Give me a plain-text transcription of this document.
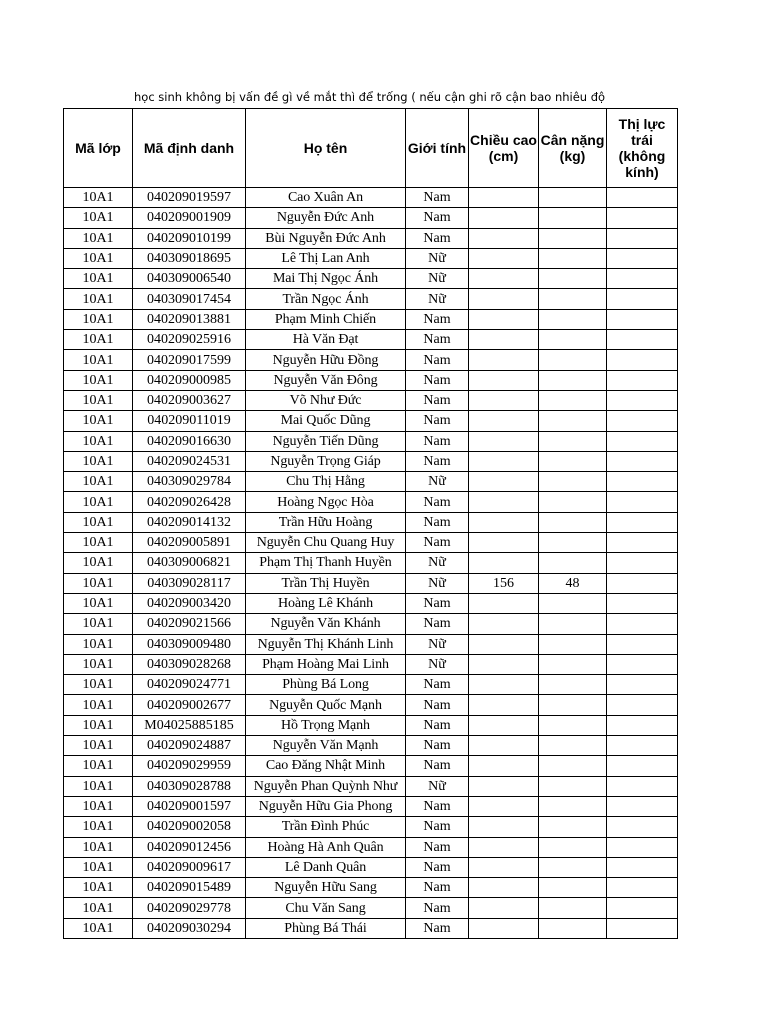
học sinh không bị vấn đề gì về mắt thì để trống ( nếu cận ghi rõ cận bao nhiêu độ
Mã lớp	Mã định danh	Họ tên	Giới tính	Chiều cao (cm)	Cân nặng (kg)	Thị lực trái (không kính)
10A1	040209019597	Cao Xuân An	Nam			
10A1	040209001909	Nguyễn Đức Anh	Nam			
10A1	040209010199	Bùi Nguyễn Đức Anh	Nam			
10A1	040309018695	Lê Thị Lan Anh	Nữ			
10A1	040309006540	Mai Thị Ngọc Ánh	Nữ			
10A1	040309017454	Trần Ngọc Ánh	Nữ			
10A1	040209013881	Phạm Minh Chiến	Nam			
10A1	040209025916	Hà Văn Đạt	Nam			
10A1	040209017599	Nguyễn Hữu Đồng	Nam			
10A1	040209000985	Nguyễn Văn Đông	Nam			
10A1	040209003627	Võ Như Đức	Nam			
10A1	040209011019	Mai Quốc Dũng	Nam			
10A1	040209016630	Nguyễn Tiến Dũng	Nam			
10A1	040209024531	Nguyễn Trọng Giáp	Nam			
10A1	040309029784	Chu Thị Hằng	Nữ			
10A1	040209026428	Hoàng Ngọc Hòa	Nam			
10A1	040209014132	Trần Hữu Hoàng	Nam			
10A1	040209005891	Nguyễn Chu Quang Huy	Nam			
10A1	040309006821	Phạm Thị Thanh Huyền	Nữ			
10A1	040309028117	Trần Thị Huyền	Nữ	156	48	
10A1	040209003420	Hoàng Lê Khánh	Nam			
10A1	040209021566	Nguyễn Văn Khánh	Nam			
10A1	040309009480	Nguyễn Thị Khánh Linh	Nữ			
10A1	040309028268	Phạm Hoàng Mai Linh	Nữ			
10A1	040209024771	Phùng Bá Long	Nam			
10A1	040209002677	Nguyễn Quốc Mạnh	Nam			
10A1	M04025885185	Hồ Trọng Mạnh	Nam			
10A1	040209024887	Nguyễn Văn Mạnh	Nam			
10A1	040209029959	Cao Đăng Nhật Minh	Nam			
10A1	040309028788	Nguyễn Phan Quỳnh Như	Nữ			
10A1	040209001597	Nguyễn Hữu Gia Phong	Nam			
10A1	040209002058	Trần Đình Phúc	Nam			
10A1	040209012456	Hoàng Hà Anh Quân	Nam			
10A1	040209009617	Lê Danh Quân	Nam			
10A1	040209015489	Nguyễn Hữu Sang	Nam			
10A1	040209029778	Chu Văn Sang	Nam			
10A1	040209030294	Phùng Bá Thái	Nam			
